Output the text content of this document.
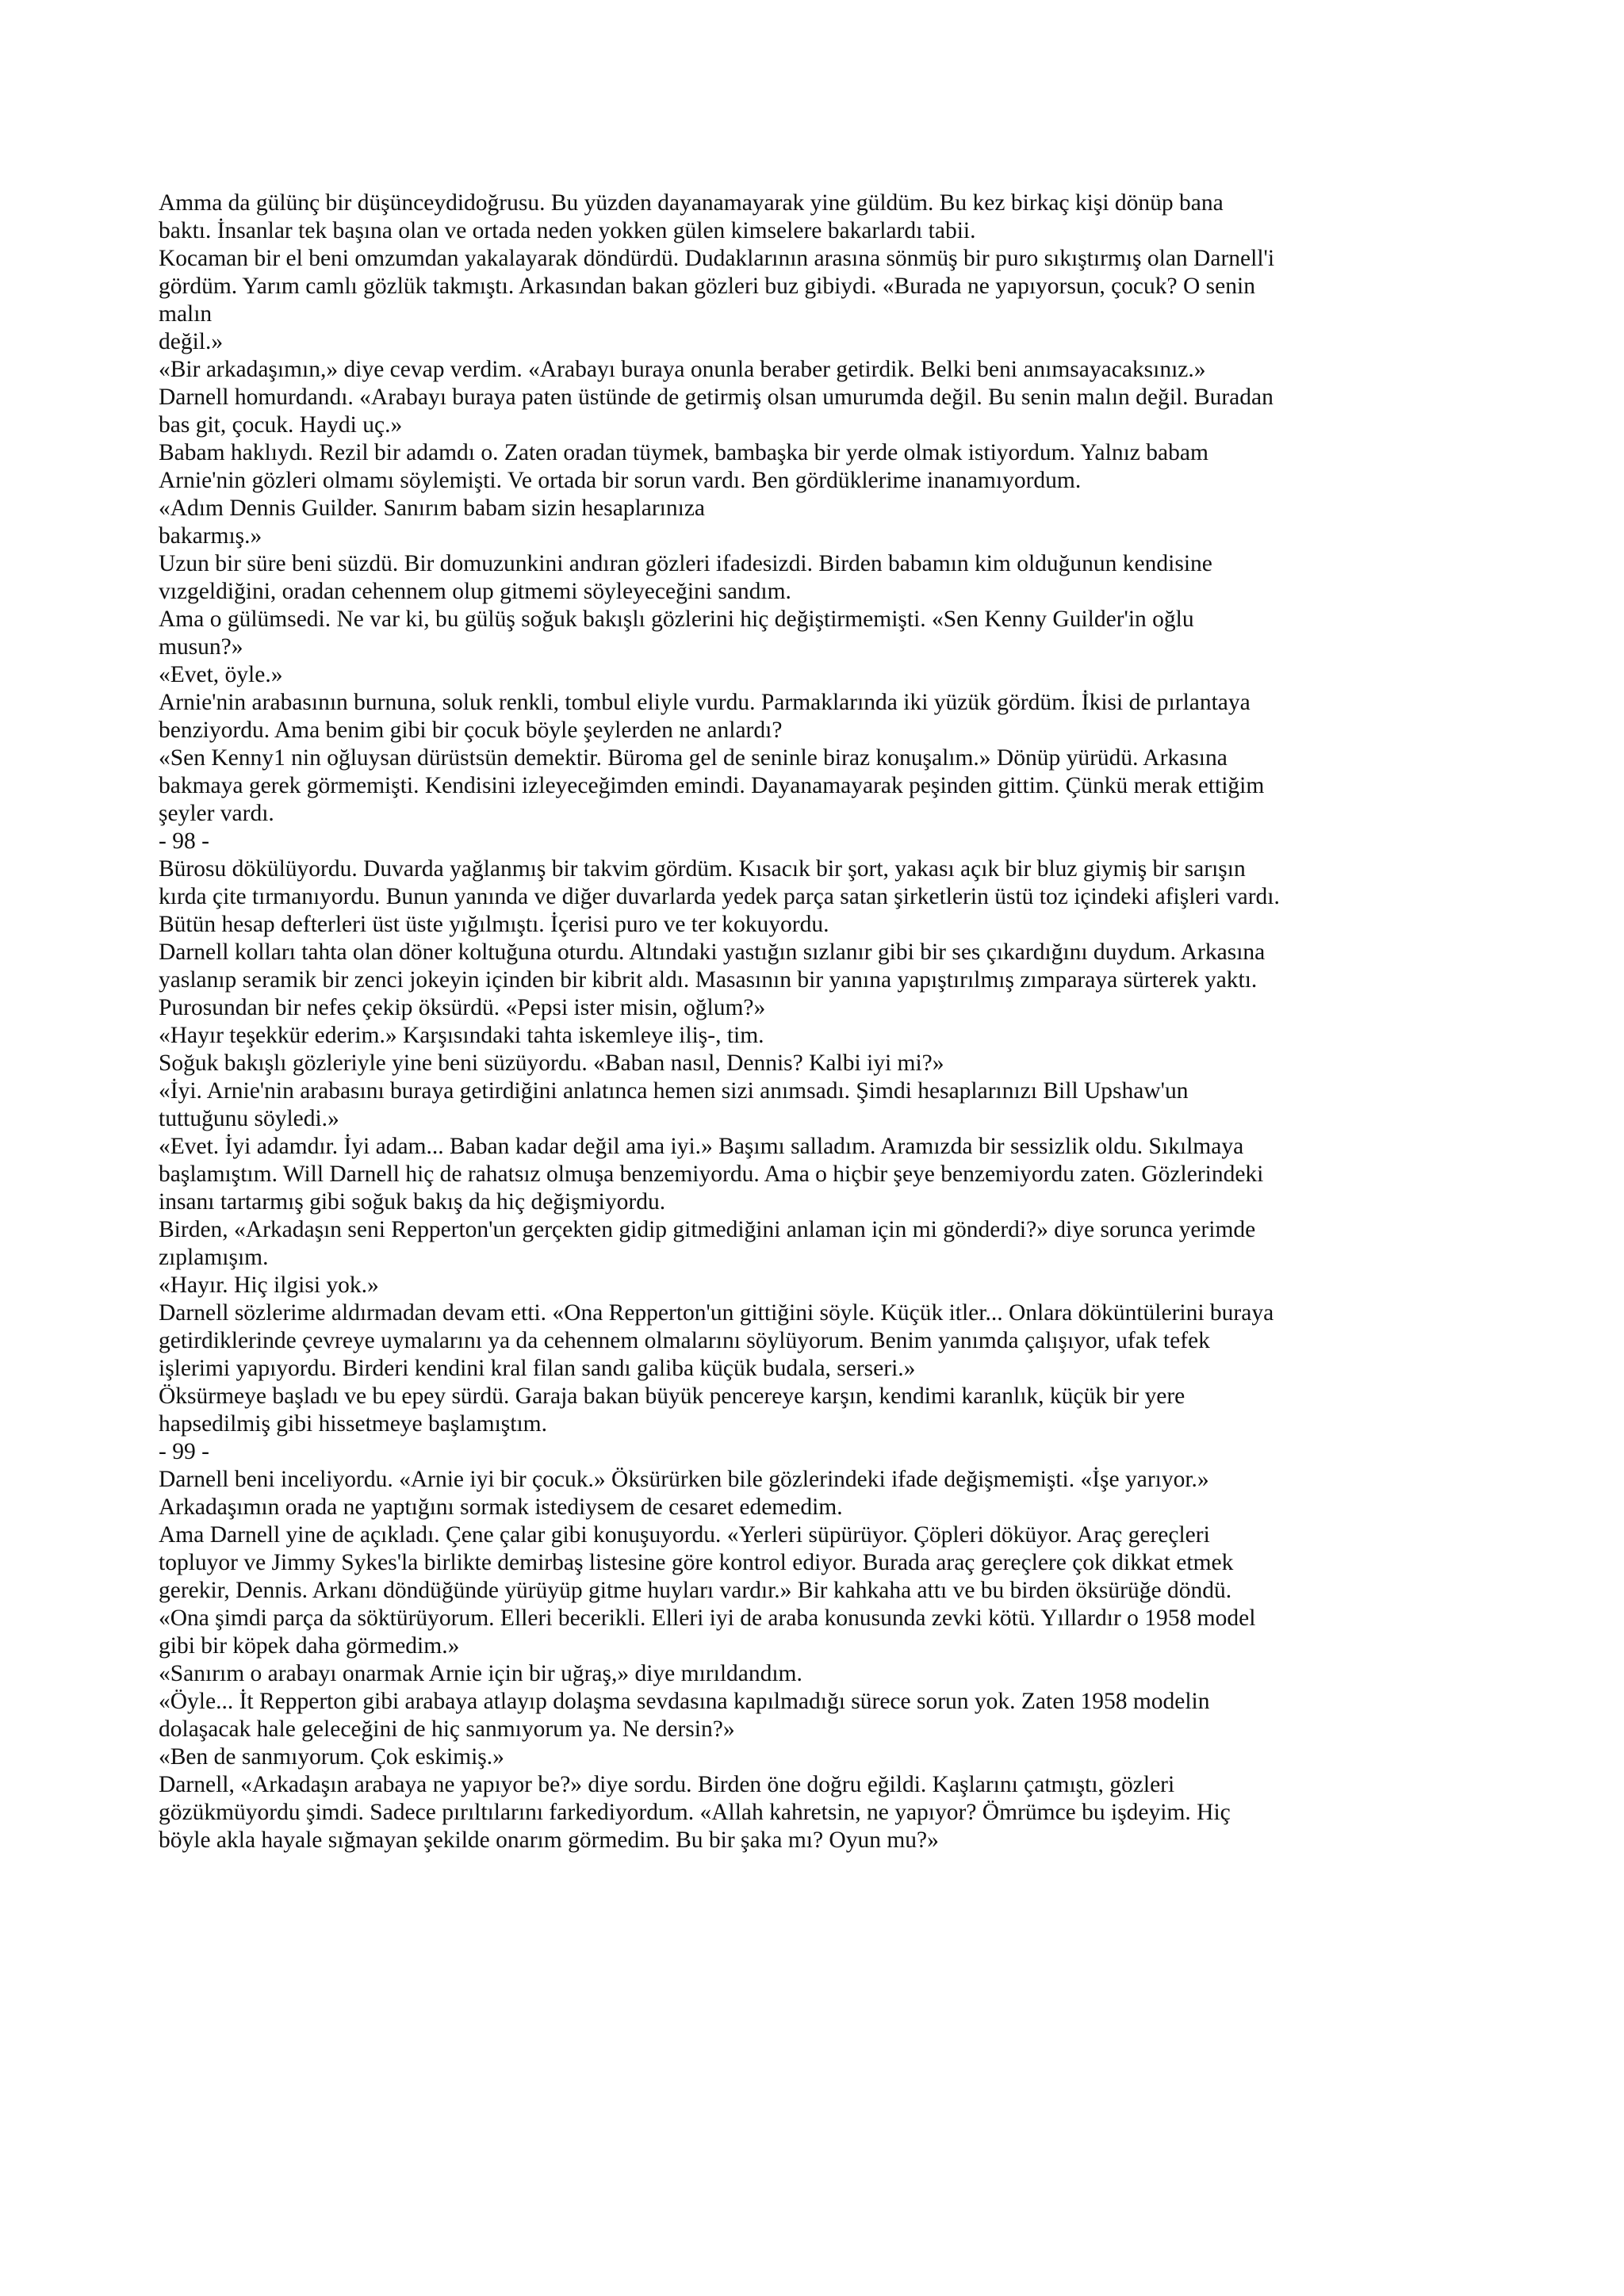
Amma da gülünç bir düşünceydidoğrusu. Bu yüzden dayanamayarak yine güldüm. Bu kez birkaç kişi dönüp bana
baktı. İnsanlar tek başına olan ve ortada neden yokken gülen kimselere bakarlardı tabii.
Kocaman bir el beni omzumdan yakalayarak döndürdü. Dudaklarının arasına sönmüş bir puro sıkıştırmış olan Darnell'i
gördüm. Yarım camlı gözlük takmıştı. Arkasından bakan gözleri buz gibiydi. «Burada ne yapıyorsun, çocuk? O senin
malın
değil.»
«Bir arkadaşımın,» diye cevap verdim. «Arabayı buraya onunla beraber getirdik. Belki beni anımsayacaksınız.»
Darnell homurdandı. «Arabayı buraya paten üstünde de getirmiş olsan umurumda değil. Bu senin malın değil. Buradan
bas git, çocuk. Haydi uç.»
Babam haklıydı. Rezil bir adamdı o. Zaten oradan tüymek, bambaşka bir yerde olmak istiyordum. Yalnız babam
Arnie'nin gözleri olmamı söylemişti. Ve ortada bir sorun vardı. Ben gördüklerime inanamıyordum.
«Adım Dennis Guilder. Sanırım babam sizin hesaplarınıza
bakarmış.»
Uzun bir süre beni süzdü. Bir domuzunkini andıran gözleri ifadesizdi. Birden babamın kim olduğunun kendisine
vızgeldiğini, oradan cehennem olup gitmemi söyleyeceğini sandım.
Ama o gülümsedi. Ne var ki, bu gülüş soğuk bakışlı gözlerini hiç değiştirmemişti. «Sen Kenny Guilder'in oğlu
musun?»
«Evet, öyle.»
Arnie'nin arabasının burnuna, soluk renkli, tombul eliyle vurdu. Parmaklarında iki yüzük gördüm. İkisi de pırlantaya
benziyordu. Ama benim gibi bir çocuk böyle şeylerden ne anlardı?
«Sen Kenny1 nin oğluysan dürüstsün demektir. Büroma gel de seninle biraz konuşalım.» Dönüp yürüdü. Arkasına
bakmaya gerek görmemişti. Kendisini izleyeceğimden emindi. Dayanamayarak peşinden gittim. Çünkü merak ettiğim
şeyler vardı.
- 98 -
Bürosu dökülüyordu. Duvarda yağlanmış bir takvim gördüm. Kısacık bir şort, yakası açık bir bluz giymiş bir sarışın
kırda çite tırmanıyordu. Bunun yanında ve diğer duvarlarda yedek parça satan şirketlerin üstü toz içindeki afişleri vardı.
Bütün hesap defterleri üst üste yığılmıştı. İçerisi puro ve ter kokuyordu.
Darnell kolları tahta olan döner koltuğuna oturdu. Altındaki yastığın sızlanır gibi bir ses çıkardığını duydum. Arkasına
yaslanıp seramik bir zenci jokeyin içinden bir kibrit aldı. Masasının bir yanına yapıştırılmış zımparaya sürterek yaktı.
Purosundan bir nefes çekip öksürdü. «Pepsi ister misin, oğlum?»
«Hayır teşekkür ederim.» Karşısındaki tahta iskemleye iliş-, tim.
Soğuk bakışlı gözleriyle yine beni süzüyordu. «Baban nasıl, Dennis? Kalbi iyi mi?»
«İyi. Arnie'nin arabasını buraya getirdiğini anlatınca hemen sizi anımsadı. Şimdi hesaplarınızı Bill Upshaw'un
tuttuğunu söyledi.»
«Evet. İyi adamdır. İyi adam... Baban kadar değil ama iyi.» Başımı salladım. Aramızda bir sessizlik oldu. Sıkılmaya
başlamıştım. Will Darnell hiç de rahatsız olmuşa benzemiyordu. Ama o hiçbir şeye benzemiyordu zaten. Gözlerindeki
insanı tartarmış gibi soğuk bakış da hiç değişmiyordu.
Birden, «Arkadaşın seni Repperton'un gerçekten gidip gitmediğini anlaman için mi gönderdi?» diye sorunca yerimde
zıplamışım.
«Hayır. Hiç ilgisi yok.»
Darnell sözlerime aldırmadan devam etti. «Ona Repperton'un gittiğini söyle. Küçük itler... Onlara döküntülerini buraya
getirdiklerinde çevreye uymalarını ya da cehennem olmalarını söylüyorum. Benim yanımda çalışıyor, ufak tefek
işlerimi yapıyordu. Birderi kendini kral filan sandı galiba küçük budala, serseri.»
Öksürmeye başladı ve bu epey sürdü. Garaja bakan büyük pencereye karşın, kendimi karanlık, küçük bir yere
hapsedilmiş gibi hissetmeye başlamıştım.
- 99 -
Darnell beni inceliyordu. «Arnie iyi bir çocuk.» Öksürürken bile gözlerindeki ifade değişmemişti. «İşe yarıyor.»
Arkadaşımın orada ne yaptığını sormak istediysem de cesaret edemedim.
Ama Darnell yine de açıkladı. Çene çalar gibi konuşuyordu. «Yerleri süpürüyor. Çöpleri döküyor. Araç gereçleri
topluyor ve Jimmy Sykes'la birlikte demirbaş listesine göre kontrol ediyor. Burada araç gereçlere çok dikkat etmek
gerekir, Dennis. Arkanı döndüğünde yürüyüp gitme huyları vardır.» Bir kahkaha attı ve bu birden öksürüğe döndü.
«Ona şimdi parça da söktürüyorum. Elleri becerikli. Elleri iyi de araba konusunda zevki kötü. Yıllardır o 1958 model
gibi bir köpek daha görmedim.»
«Sanırım o arabayı onarmak Arnie için bir uğraş,» diye mırıldandım.
«Öyle... İt Repperton gibi arabaya atlayıp dolaşma sevdasına kapılmadığı sürece sorun yok. Zaten 1958 modelin
dolaşacak hale geleceğini de hiç sanmıyorum ya. Ne dersin?»
«Ben de sanmıyorum. Çok eskimiş.»
Darnell, «Arkadaşın arabaya ne yapıyor be?» diye sordu. Birden öne doğru eğildi. Kaşlarını çatmıştı, gözleri
gözükmüyordu şimdi. Sadece pırıltılarını farkediyordum. «Allah kahretsin, ne yapıyor? Ömrümce bu işdeyim. Hiç
böyle akla hayale sığmayan şekilde onarım görmedim. Bu bir şaka mı? Oyun mu?»
